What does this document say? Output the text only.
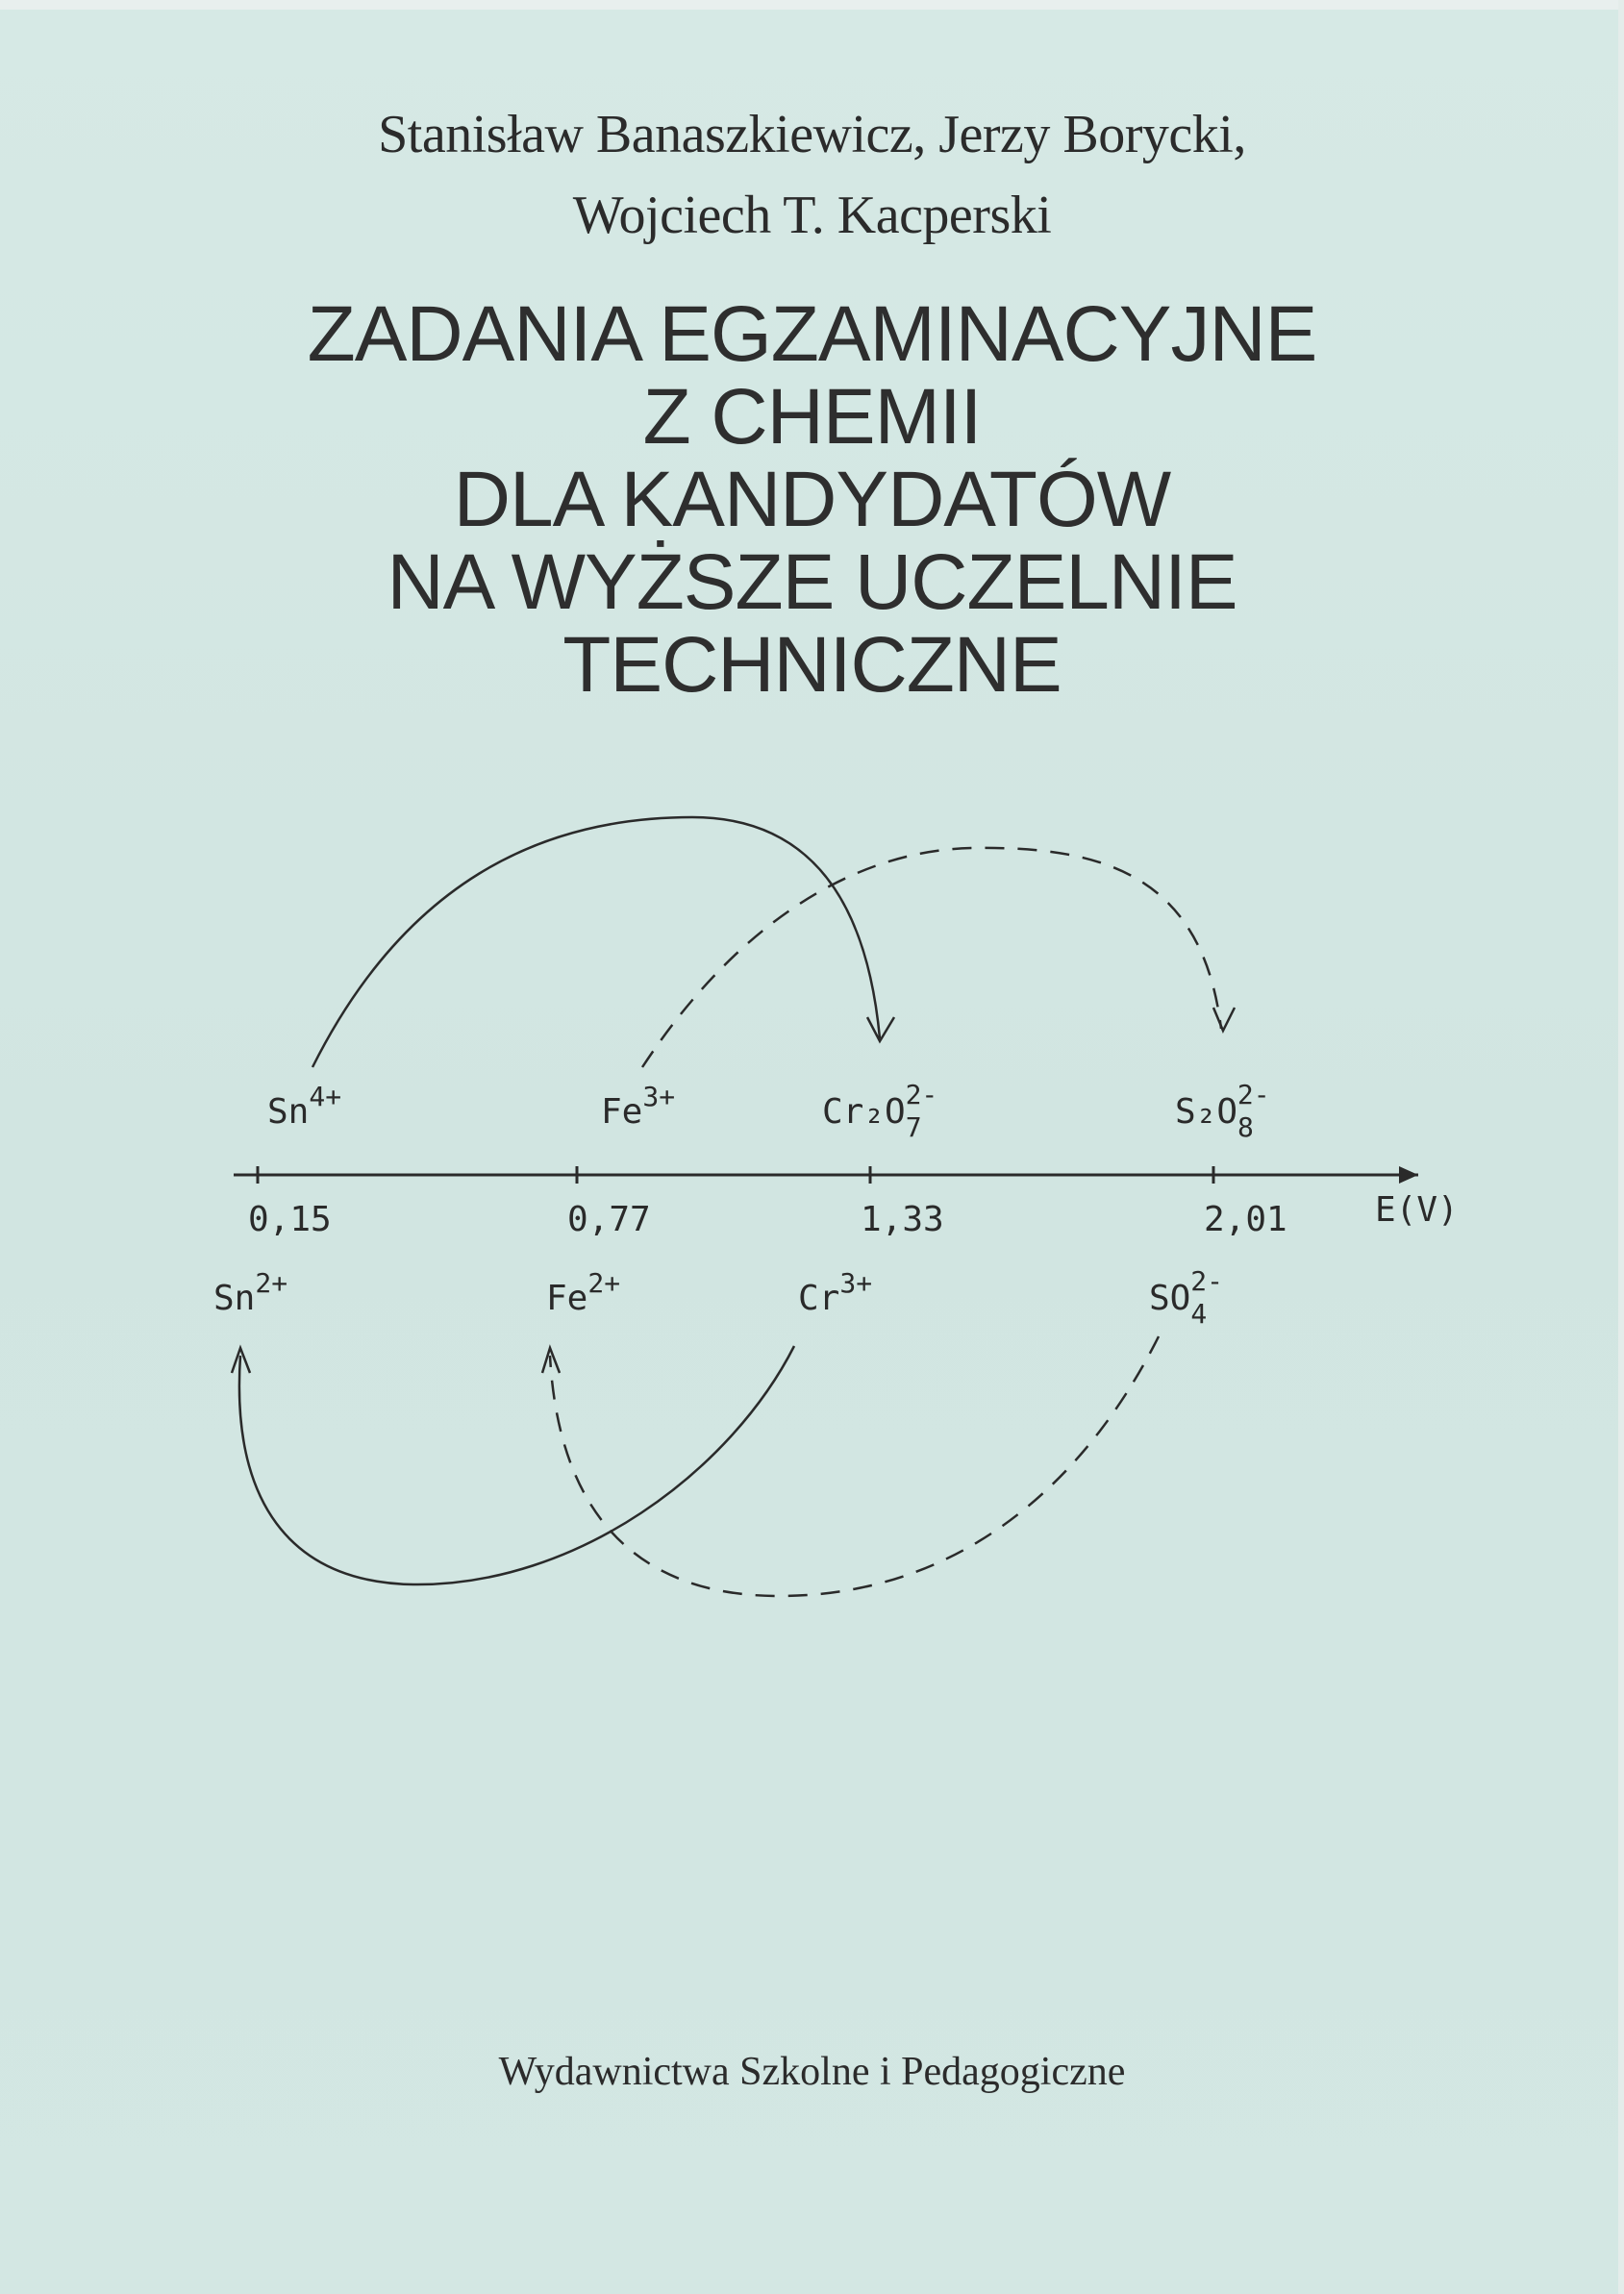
Stanisław Banaszkiewicz, Jerzy Borycki,
Wojciech T. Kacperski
ZADANIA EGZAMINACYJNE
Z CHEMII
DLA KANDYDATÓW
NA WYŻSZE UCZELNIE
TECHNICZNE
0,15	0,77	1,33	2,01
$Sn^{4+}$
$Sn^{2+}$
$Fe^{3+}$
$Fe^{2+}$
$Cr_2O_72-$
$Cr^{3+}$
$S_2O_82-$
$SO_42-$
E(V)
Wydawnictwa Szkolne i Pedagogiczne
